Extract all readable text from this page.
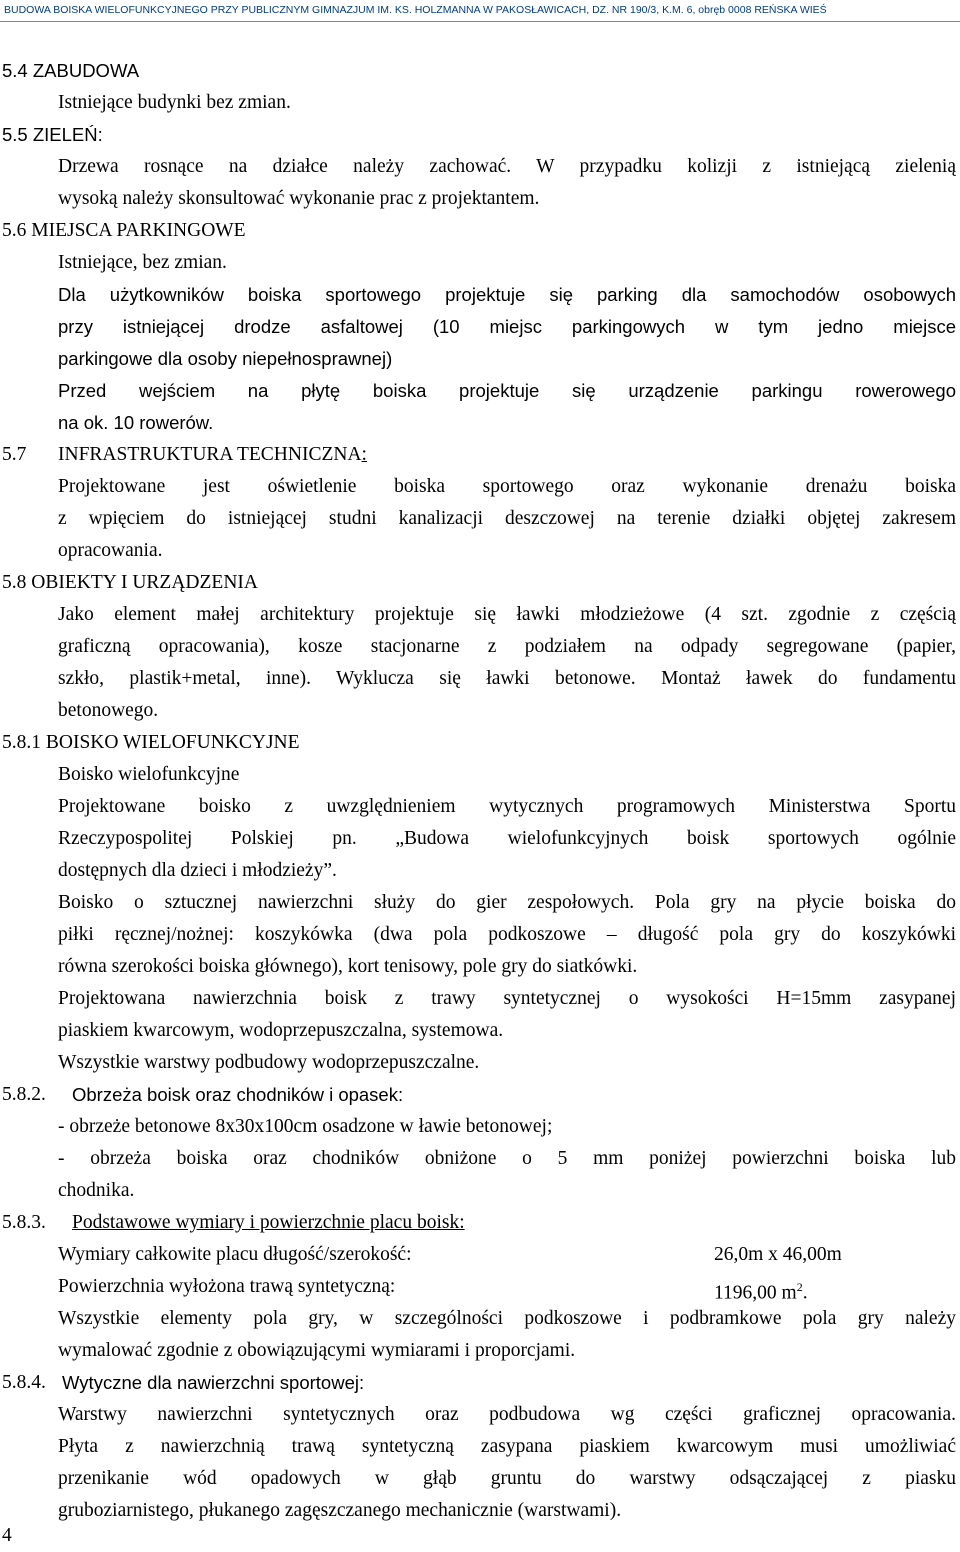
BUDOWA BOISKA WIELOFUNKCYJNEGO PRZY PUBLICZNYM GIMNAZJUM IM. KS. HOLZMANNA W PAKOSŁAWICACH, DZ. NR 190/3, K.M. 6, obręb 0008 REŃSKA WIEŚ
5.4 ZABUDOWA
Istniejące budynki bez zmian.
5.5 ZIELEŃ:
Drzewa rosnące na działce należy zachować. W przypadku kolizji z istniejącą zielenią
wysoką należy skonsultować wykonanie prac z projektantem.
5.6 MIEJSCA PARKINGOWE
Istniejące, bez zmian.
Dla użytkowników boiska sportowego projektuje się parking dla samochodów osobowych
przy istniejącej drodze asfaltowej (10 miejsc parkingowych w tym jedno miejsce
parkingowe dla osoby niepełnosprawnej)
Przed wejściem na płytę boiska projektuje się urządzenie parkingu rowerowego
na ok. 10 rowerów.
5.7 INFRASTRUKTURA TECHNICZNA:
Projektowane jest oświetlenie boiska sportowego oraz wykonanie drenażu boiska
z wpięciem do istniejącej studni kanalizacji deszczowej na terenie działki objętej zakresem
opracowania.
5.8 OBIEKTY I URZĄDZENIA
Jako element małej architektury projektuje się ławki młodzieżowe (4 szt. zgodnie z częścią
graficzną opracowania), kosze stacjonarne z podziałem na odpady segregowane (papier,
szkło, plastik+metal, inne). Wyklucza się ławki betonowe. Montaż ławek do fundamentu
betonowego.
5.8.1 BOISKO WIELOFUNKCYJNE
Boisko wielofunkcyjne
Projektowane boisko z uwzględnieniem wytycznych programowych Ministerstwa Sportu
Rzeczypospolitej Polskiej pn. „Budowa wielofunkcyjnych boisk sportowych ogólnie
dostępnych dla dzieci i młodzieży”.
Boisko o sztucznej nawierzchni służy do gier zespołowych. Pola gry na płycie boiska do
piłki ręcznej/nożnej: koszykówka (dwa pola podkoszowe – długość pola gry do koszykówki
równa szerokości boiska głównego), kort tenisowy, pole gry do siatkówki.
Projektowana nawierzchnia boisk z trawy syntetycznej o wysokości H=15mm zasypanej
piaskiem kwarcowym, wodoprzepuszczalna, systemowa.
Wszystkie warstwy podbudowy wodoprzepuszczalne.
5.8.2. Obrzeża boisk oraz chodników i opasek:
- obrzeże betonowe 8x30x100cm osadzone w ławie betonowej;
- obrzeża boiska oraz chodników obniżone o 5 mm poniżej powierzchni boiska lub
chodnika.
5.8.3. Podstawowe wymiary i powierzchnie placu boisk:
Wymiary całkowite placu długość/szerokość:	26,0m x 46,00m
Powierzchnia wyłożona trawą syntetyczną:	1196,00 $m^2$.
Wszystkie elementy pola gry, w szczególności podkoszowe i podbramkowe pola gry należy
wymalować zgodnie z obowiązującymi wymiarami i proporcjami.
5.8.4. Wytyczne dla nawierzchni sportowej:
Warstwy nawierzchni syntetycznych oraz podbudowa wg części graficznej opracowania.
Płyta z nawierzchnią trawą syntetyczną zasypana piaskiem kwarcowym musi umożliwiać
przenikanie wód opadowych w głąb gruntu do warstwy odsączającej z piasku
gruboziarnistego, płukanego zagęszczanego mechanicznie (warstwami).
4
